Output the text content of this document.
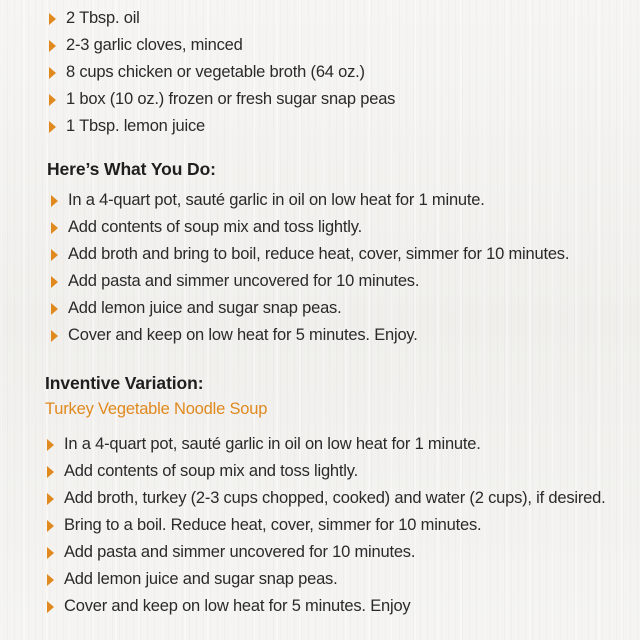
2 Tbsp. oil
2-3 garlic cloves, minced
8 cups chicken or vegetable broth (64 oz.)
1 box (10 oz.) frozen or fresh sugar snap peas
1 Tbsp. lemon juice
Here’s What You Do:
In a 4-quart pot, sauté garlic in oil on low heat for 1 minute.
Add contents of soup mix and toss lightly.
Add broth and bring to boil, reduce heat, cover, simmer for 10 minutes.
Add pasta and simmer uncovered for 10 minutes.
Add lemon juice and sugar snap peas.
Cover and keep on low heat for 5 minutes. Enjoy.
Inventive Variation:
Turkey Vegetable Noodle Soup
In a 4-quart pot, sauté garlic in oil on low heat for 1 minute.
Add contents of soup mix and toss lightly.
Add broth, turkey (2-3 cups chopped, cooked) and water (2 cups), if desired.
Bring to a boil. Reduce heat, cover, simmer for 10 minutes.
Add pasta and simmer uncovered for 10 minutes.
Add lemon juice and sugar snap peas.
Cover and keep on low heat for 5 minutes. Enjoy
